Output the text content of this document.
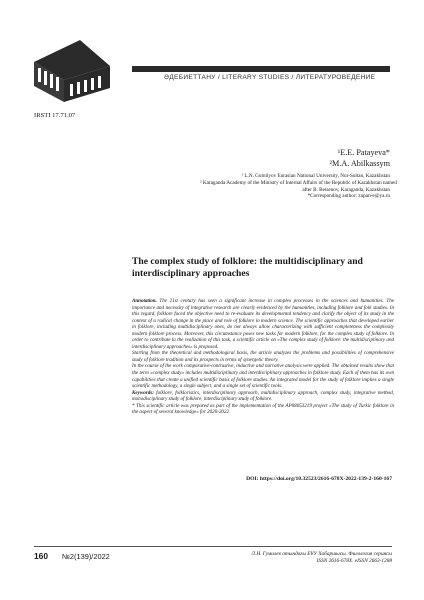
ӘДЕБИЕТТАНУ / LITERARY STUDIES / ЛИТЕРАТУРОВЕДЕНИЕ
IRSTI 17.71.07
¹E.E. Patayeva*
²M.A. Abilkassym
¹ L.N. Gumilyov Eurasian National University, Nur-Sultan, Kazakhstan
² Karaganda Academy of the Ministry of Internal Affairs of the Republic of Kazakhstan named
after B. Beisenov, Karaganda, Kazakhstan
*Corresponding author: zupan-e@ya.ru
The complex study of folklore: the multidisciplinary and interdisciplinary approaches

Annotation. The 21st century has seen a significant increase in complex processes in the sciences and humanities. The importance and necessity of integrative research are clearly evidenced by the humanities, including folklore and folk studies. In this regard, folklore faced the objective need to re-evaluate its developmental tendency and clarify the object of its study in the context of a radical change in the place and role of folklore in modern science. The scientific approaches that developed earlier in folklore, including multidisciplinary ones, do not always allow characterizing with sufficient completeness the complexity modern folklore process. Moreover, this circumstance poses new tasks for modern folklore, for the complex study of folklore. In order to contribute to the realization of this task, a scientific article on «The complex study of folklore: the multidisciplinary and interdisciplinary approaches» is proposed.

Starting from the theoretical and methodological basis, the article analyzes the problems and possibilities of comprehensive study of folklore tradition and its prospects in terms of synergetic theory.

In the course of the work comparative-contrastive, inductive and narrative analysis were applied. The obtained results show that the term «complex study» includes multidisciplinary and interdisciplinary approaches in folklore study. Each of them has its own capabilities that create a unified scientific basis of folklore studies. An integrated model for the study of folklore implies a single scientific methodology, a single subject, and a single set of scientific tools.

Keywords: folklore, folkloristics, interdisciplinary approach, multidisciplinary approach, complex study, integrative method, monodisciplinary study of folklore, interdisciplinary study of folklore.

* This scientific article was prepared as part of the implementation of the AP08053219 project «The study of Turkic folklore in the aspect of several knowledge» for 2020-2022

DOI: https://doi.org/10.32523/2616-678X-2022-139-2-160-167
160 №2(139)/2022	Л.Н. Гумилев атындағы ЕҰУ Хабаршысы. Филология сериясы
ISSN 2616-678X. eISSN 2663-1288
